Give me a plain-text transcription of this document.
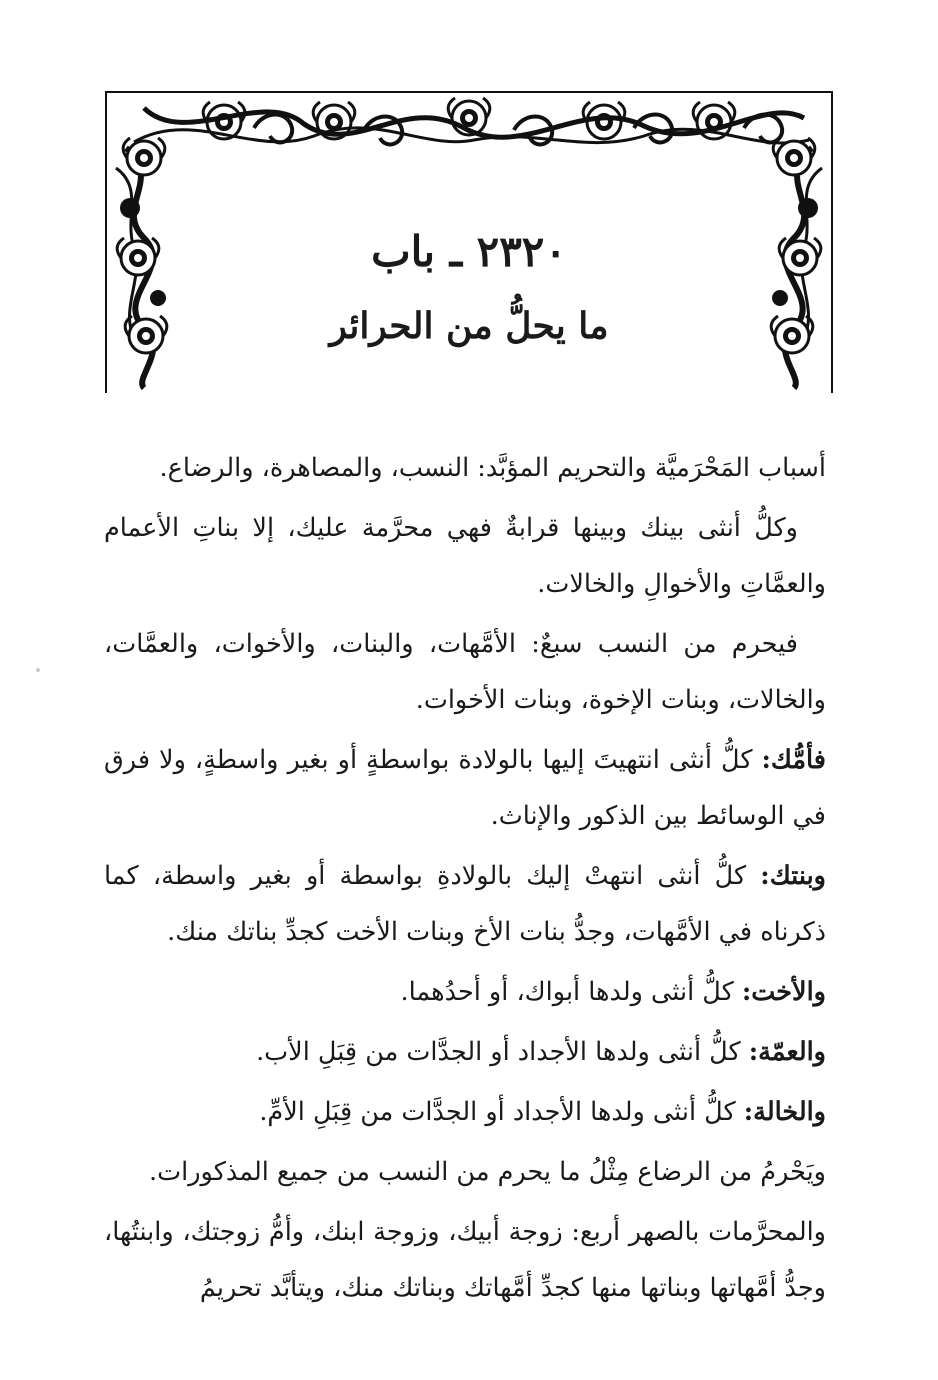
٢٣٢٠ ـ باب
ما يحلُّ من الحرائر

أسباب المَحْرَميَّة والتحريم المؤبَّد: النسب، والمصاهرة، والرضاع.

وكلُّ أنثى بينك وبينها قرابةٌ فهي محرَّمة عليك، إلا بناتِ الأعمام والعمَّاتِ والأخوالِ والخالات.

فيحرم من النسب سبعٌ: الأمَّهات، والبنات، والأخوات، والعمَّات، والخالات، وبنات الإخوة، وبنات الأخوات.

فأمُّك: كلُّ أنثى انتهيتَ إليها بالولادة بواسطةٍ أو بغير واسطةٍ، ولا فرق في الوسائط بين الذكور والإناث.

وبنتك: كلُّ أنثى انتهتْ إليك بالولادةِ بواسطة أو بغير واسطة، كما ذكرناه في الأمَّهات، وجدُّ بنات الأخ وبنات الأخت كجدِّ بناتك منك.

والأخت: كلُّ أنثى ولدها أبواك، أو أحدُهما.

والعمّة: كلُّ أنثى ولدها الأجداد أو الجدَّات من قِبَلِ الأب.

والخالة: كلُّ أنثى ولدها الأجداد أو الجدَّات من قِبَلِ الأمِّ.

ويَحْرمُ من الرضاع مِثْلُ ما يحرم من النسب من جميع المذكورات.

والمحرَّمات بالصهر أربع: زوجة أبيك، وزوجة ابنك، وأمُّ زوجتك، وابنتُها، وجدُّ أمَّهاتها وبناتها منها كجدِّ أمَّهاتك وبناتك منك، ويتأبَّد تحريمُ
